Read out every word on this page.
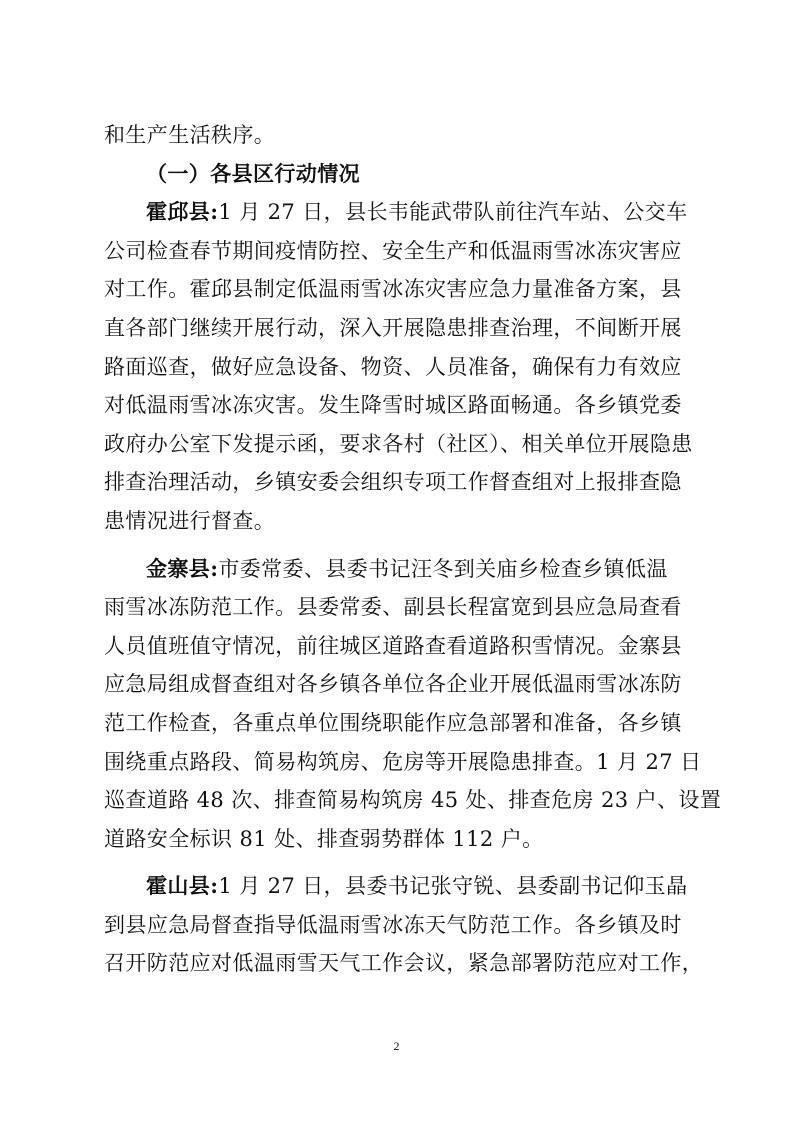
和生产生活秩序。
（一）各县区行动情况
霍邱县:1 月 27 日，县长韦能武带队前往汽车站、公交车
公司检查春节期间疫情防控、安全生产和低温雨雪冰冻灾害应
对工作。霍邱县制定低温雨雪冰冻灾害应急力量准备方案，县
直各部门继续开展行动，深入开展隐患排查治理，不间断开展
路面巡查，做好应急设备、物资、人员准备，确保有力有效应
对低温雨雪冰冻灾害。发生降雪时城区路面畅通。各乡镇党委
政府办公室下发提示函，要求各村（社区）、相关单位开展隐患
排查治理活动，乡镇安委会组织专项工作督查组对上报排查隐
患情况进行督查。
金寨县:市委常委、县委书记汪冬到关庙乡检查乡镇低温
雨雪冰冻防范工作。县委常委、副县长程富宽到县应急局查看
人员值班值守情况，前往城区道路查看道路积雪情况。金寨县
应急局组成督查组对各乡镇各单位各企业开展低温雨雪冰冻防
范工作检查，各重点单位围绕职能作应急部署和准备，各乡镇
围绕重点路段、简易构筑房、危房等开展隐患排查。1 月 27 日
巡查道路 48 次、排查简易构筑房 45 处、排查危房 23 户、设置
道路安全标识 81 处、排查弱势群体 112 户。
霍山县:1 月 27 日，县委书记张守锐、县委副书记仰玉晶
到县应急局督查指导低温雨雪冰冻天气防范工作。各乡镇及时
召开防范应对低温雨雪天气工作会议，紧急部署防范应对工作，
2
